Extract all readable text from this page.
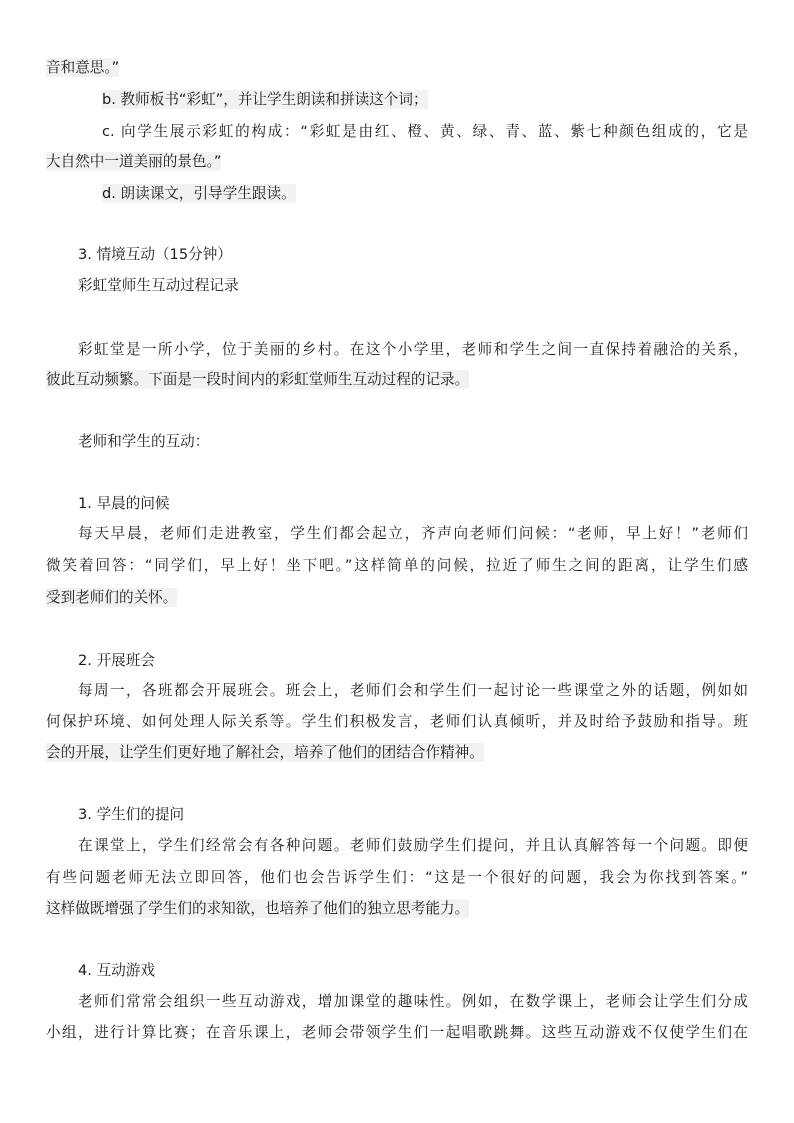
音和意思。”
b. 教师板书“彩虹”，并让学生朗读和拼读这个词；
c. 向学生展示彩虹的构成：“彩虹是由红、橙、黄、绿、青、蓝、紫七种颜色组成的，它是
大自然中一道美丽的景色。”
d. 朗读课文，引导学生跟读。
3. 情境互动（15分钟）
彩虹堂师生互动过程记录
彩虹堂是一所小学，位于美丽的乡村。在这个小学里，老师和学生之间一直保持着融洽的关系，
彼此互动频繁。下面是一段时间内的彩虹堂师生互动过程的记录。
老师和学生的互动：
1. 早晨的问候
每天早晨，老师们走进教室，学生们都会起立，齐声向老师们问候：“老师，早上好！”老师们
微笑着回答：“同学们，早上好！坐下吧。”这样简单的问候，拉近了师生之间的距离，让学生们感
受到老师们的关怀。
2. 开展班会
每周一，各班都会开展班会。班会上，老师们会和学生们一起讨论一些课堂之外的话题，例如如
何保护环境、如何处理人际关系等。学生们积极发言，老师们认真倾听，并及时给予鼓励和指导。班
会的开展，让学生们更好地了解社会，培养了他们的团结合作精神。
3. 学生们的提问
在课堂上，学生们经常会有各种问题。老师们鼓励学生们提问，并且认真解答每一个问题。即便
有些问题老师无法立即回答，他们也会告诉学生们：“这是一个很好的问题，我会为你找到答案。”
这样做既增强了学生们的求知欲，也培养了他们的独立思考能力。
4. 互动游戏
老师们常常会组织一些互动游戏，增加课堂的趣味性。例如，在数学课上，老师会让学生们分成
小组，进行计算比赛；在音乐课上，老师会带领学生们一起唱歌跳舞。这些互动游戏不仅使学生们在
